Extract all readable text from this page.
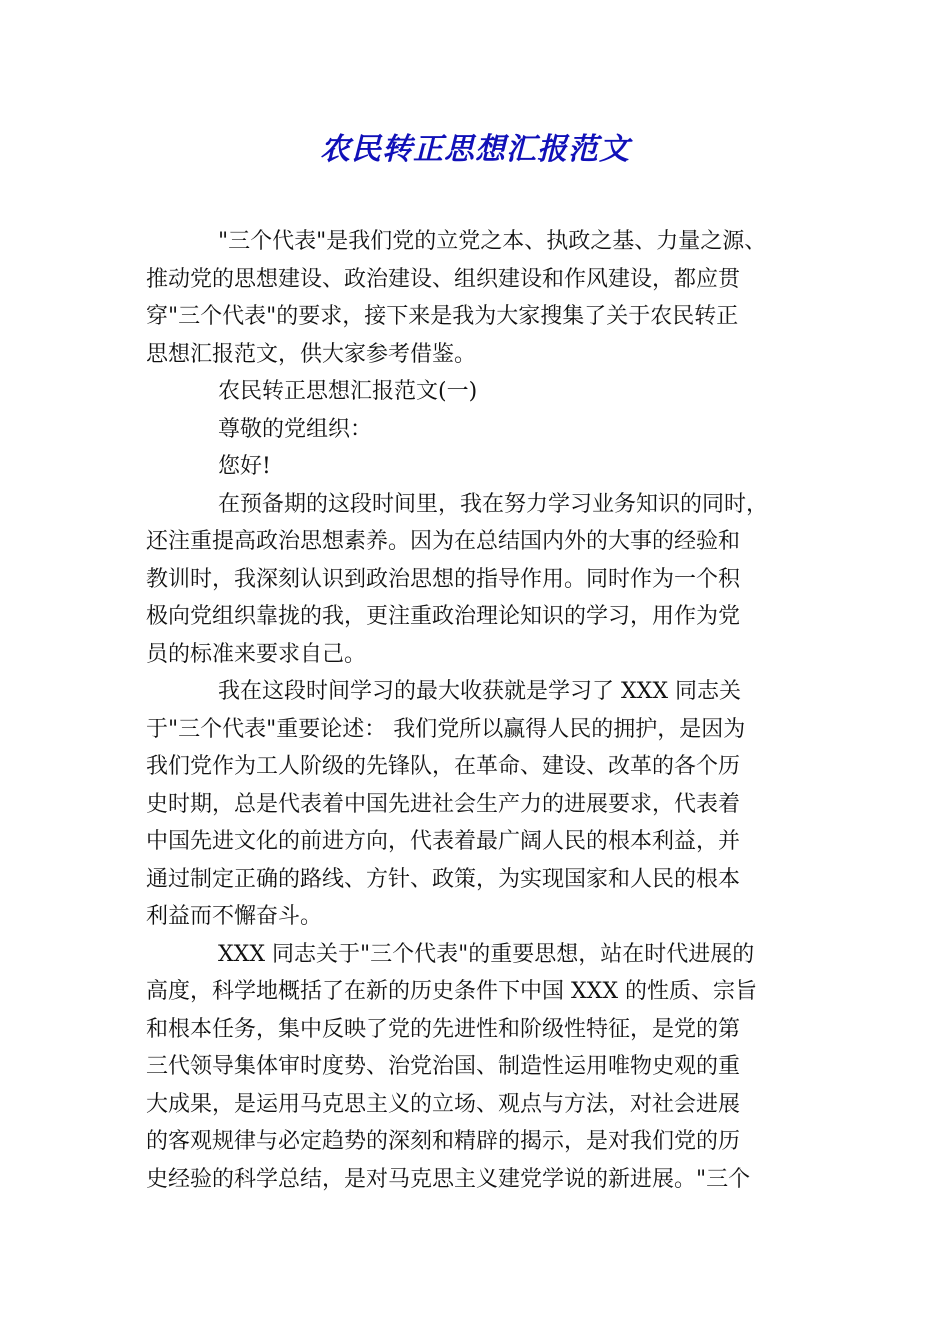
农民转正思想汇报范文
"三个代表"是我们党的立党之本、执政之基、力量之源、
推动党的思想建设、政治建设、组织建设和作风建设，都应贯
穿"三个代表"的要求，接下来是我为大家搜集了关于农民转正
思想汇报范文，供大家参考借鉴。
农民转正思想汇报范文(一)
尊敬的党组织：
您好!
在预备期的这段时间里，我在努力学习业务知识的同时，
还注重提高政治思想素养。因为在总结国内外的大事的经验和
教训时，我深刻认识到政治思想的指导作用。同时作为一个积
极向党组织靠拢的我，更注重政治理论知识的学习，用作为党
员的标准来要求自己。
我在这段时间学习的最大收获就是学习了 XXX 同志关
于"三个代表"重要论述： 我们党所以赢得人民的拥护，是因为
我们党作为工人阶级的先锋队，在革命、建设、改革的各个历
史时期，总是代表着中国先进社会生产力的进展要求，代表着
中国先进文化的前进方向，代表着最广阔人民的根本利益，并
通过制定正确的路线、方针、政策，为实现国家和人民的根本
利益而不懈奋斗。
XXX 同志关于"三个代表"的重要思想，站在时代进展的
高度，科学地概括了在新的历史条件下中国 XXX 的性质、宗旨
和根本任务，集中反映了党的先进性和阶级性特征，是党的第
三代领导集体审时度势、治党治国、制造性运用唯物史观的重
大成果，是运用马克思主义的立场、观点与方法，对社会进展
的客观规律与必定趋势的深刻和精辟的揭示，是对我们党的历
史经验的科学总结，是对马克思主义建党学说的新进展。"三个
